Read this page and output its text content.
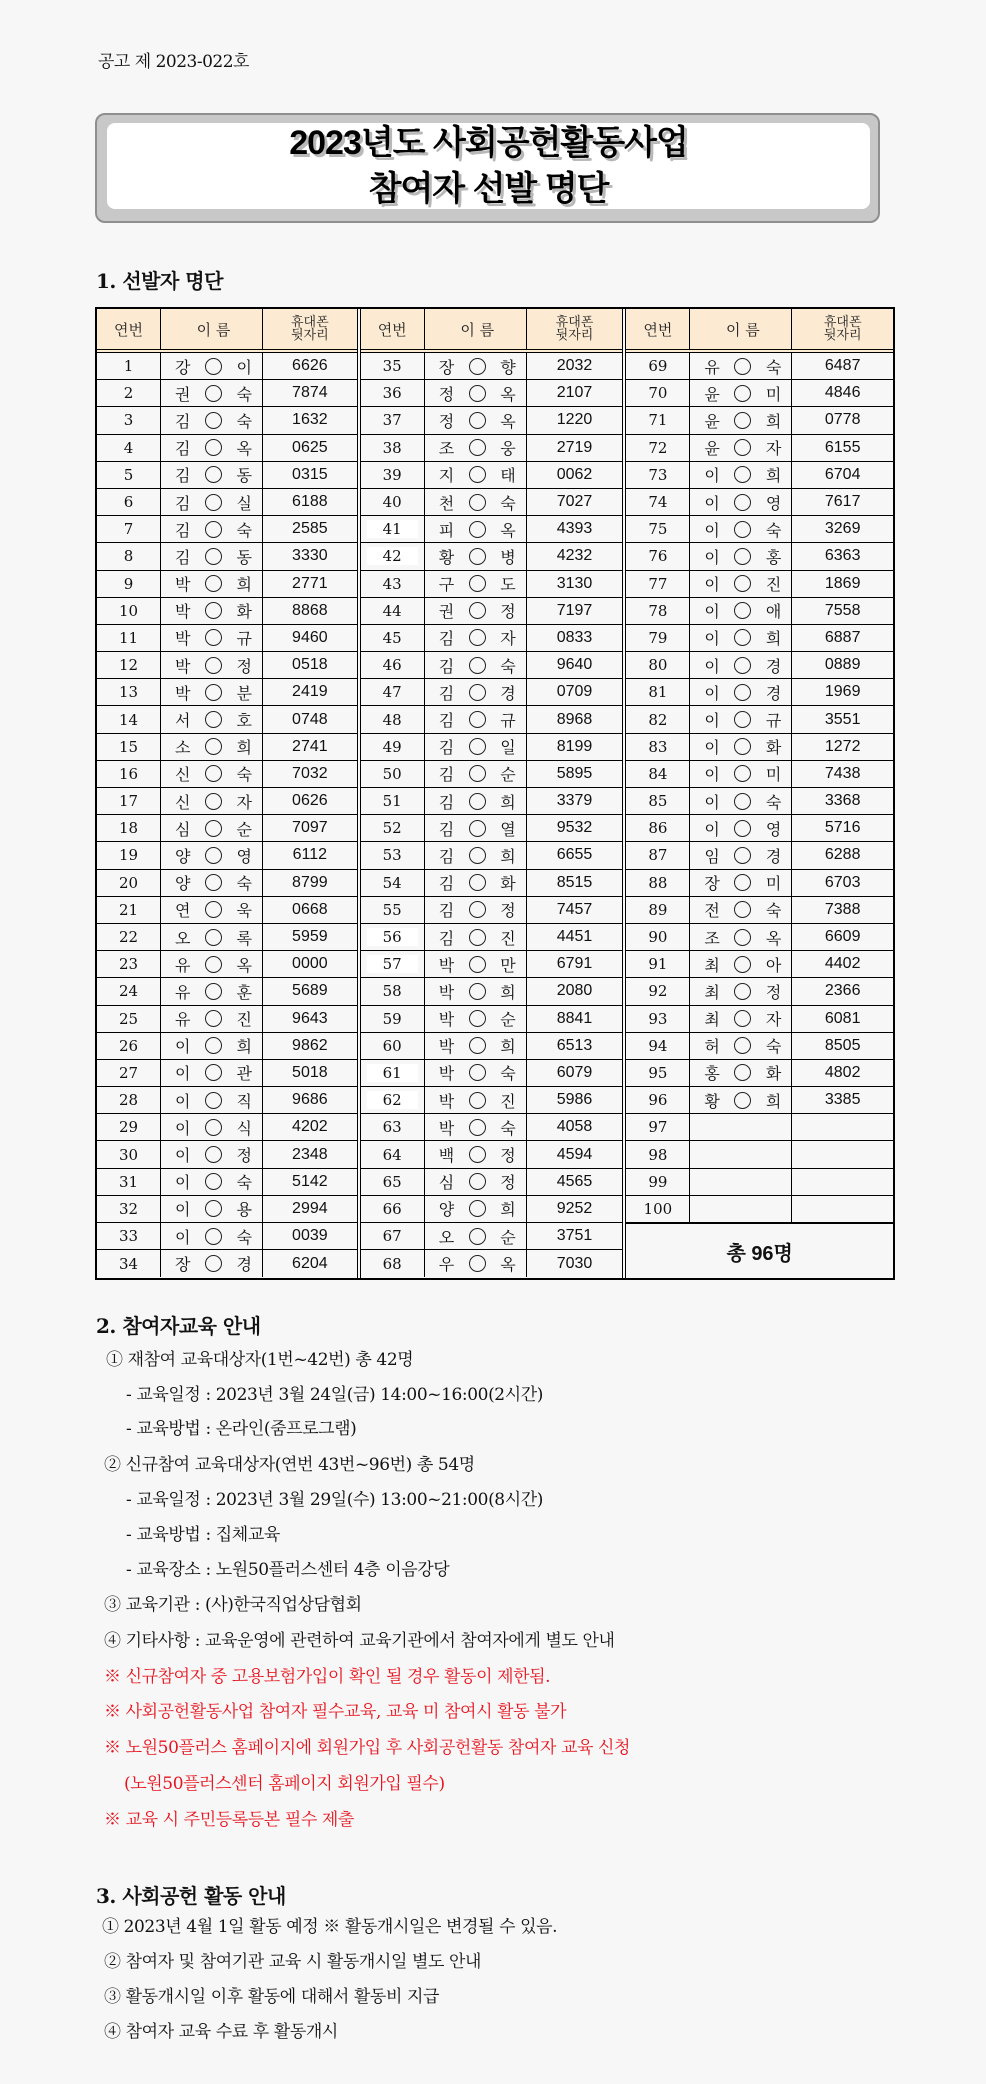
공고 제 2023-022호
2023년도 사회공헌활동사업
참여자 선발 명단
1. 선발자 명단
연번	이 름	휴대폰
뒷자리
1	강	이	6626
2	권	숙	7874
3	김	숙	1632
4	김	옥	0625
5	김	동	0315
6	김	실	6188
7	김	숙	2585
8	김	동	3330
9	박	희	2771
10 박	화	8868
11 박	규	9460
12 박	정	0518
13 박	분	2419
14 서	호	0748
15 소	희	2741
16 신	숙	7032
17 신	자	0626
18 심	순	7097
19 양	영	6112
20 양	숙	8799
21 연	욱	0668
22 오	록	5959
23 유	옥	0000
24 유	훈	5689
25 유	진	9643
26 이	희	9862
27 이	관	5018
28 이	직	9686
29 이	식	4202
30 이	정	2348
31 이	숙	5142
32 이	용	2994
33 이	숙	0039
34 장	경	6204
연번	이 름	휴대폰
뒷자리
35 장	향	2032
36 정	옥	2107
37 정	옥	1220
38 조	웅	2719
39 지	태	0062
40 천	숙	7027
41	피	옥	4393
42	황	병	4232
43 구	도	3130
44 권	정	7197
45 김	자	0833
46 김	숙	9640
47 김	경	0709
48 김	규	8968
49 김	일	8199
50 김	순	5895
51 김	희	3379
52 김	열	9532
53 김	희	6655
54 김	화	8515
55 김	정	7457
56	김	진	4451
57	박	만	6791
58 박	희	2080
59 박	순	8841
60 박	희	6513
61	박	숙	6079
62	박	진	5986
63 박	숙	4058
64 백	정	4594
65 심	정	4565
66 양	희	9252
67 오	순	3751
68 우	옥	7030
연번	이 름	휴대폰
뒷자리
69 유	숙	6487
70 윤	미	4846
71 윤	희	0778
72 윤	자	6155
73 이	희	6704
74 이	영	7617
75 이	숙	3269
76 이	홍	6363
77 이	진	1869
78 이	애	7558
79 이	희	6887
80 이	경	0889
81 이	경	1969
82 이	규	3551
83 이	화	1272
84 이	미	7438
85 이	숙	3368
86 이	영	5716
87 임	경	6288
88 장	미	6703
89 전	숙	7388
90 조	옥	6609
91 최	아	4402
92 최	정	2366
93 최	자	6081
94 허	숙	8505
95 홍	화	4802
96 황	희	3385
97
98
99
100
총 96명
2. 참여자교육 안내
① 재참여 교육대상자(1번~42번) 총 42명
- 교육일정 : 2023년 3월 24일(금) 14:00~16:00(2시간)
- 교육방법 : 온라인(줌프로그램)
② 신규참여 교육대상자(연번 43번~96번) 총 54명
- 교육일정 : 2023년 3월 29일(수) 13:00~21:00(8시간)
- 교육방법 : 집체교육
- 교육장소 : 노원50플러스센터 4층 이음강당
③ 교육기관 : (사)한국직업상담협회
④ 기타사항 : 교육운영에 관련하여 교육기관에서 참여자에게 별도 안내
※ 신규참여자 중 고용보험가입이 확인 될 경우 활동이 제한됨.
※ 사회공헌활동사업 참여자 필수교육, 교육 미 참여시 활동 불가
※ 노원50플러스 홈페이지에 회원가입 후 사회공헌활동 참여자 교육 신청
(노원50플러스센터 홈페이지 회원가입 필수)
※ 교육 시 주민등록등본 필수 제출
3. 사회공헌 활동 안내
① 2023년 4월 1일 활동 예정 ※ 활동개시일은 변경될 수 있음.
② 참여자 및 참여기관 교육 시 활동개시일 별도 안내
③ 활동개시일 이후 활동에 대해서 활동비 지급
④ 참여자 교육 수료 후 활동개시
